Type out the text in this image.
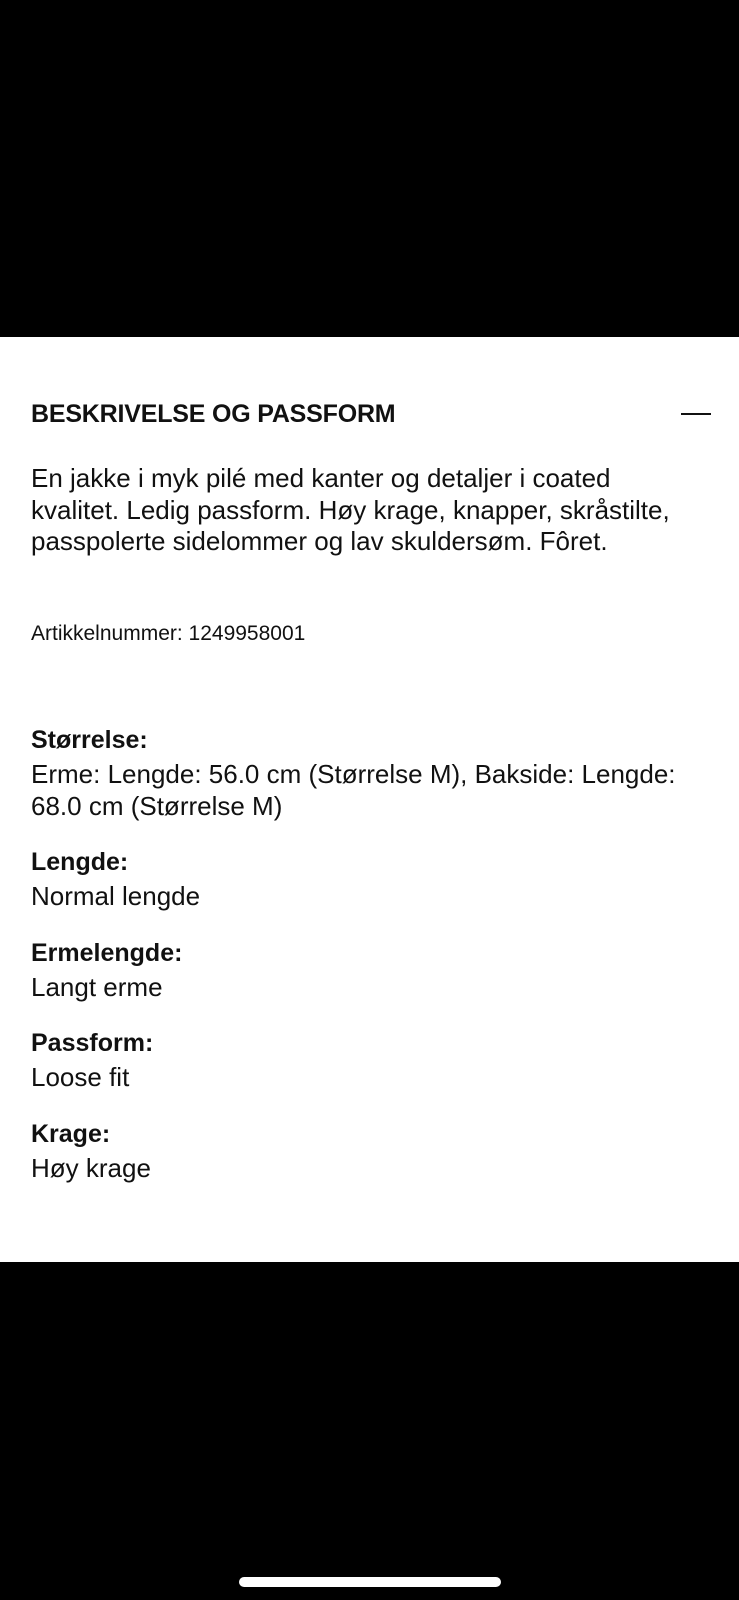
BESKRIVELSE OG PASSFORM

En jakke i myk pilé med kanter og detaljer i coated kvalitet. Ledig passform. Høy krage, knapper, skråstilte, passpolerte sidelommer og lav skuldersøm. Fôret.

Artikkelnummer: 1249958001
Størrelse:
Erme: Lengde: 56.0 cm (Størrelse M), Bakside: Lengde: 68.0 cm (Størrelse M)
Lengde:
Normal lengde
Ermelengde:
Langt erme
Passform:
Loose fit
Krage:
Høy krage
